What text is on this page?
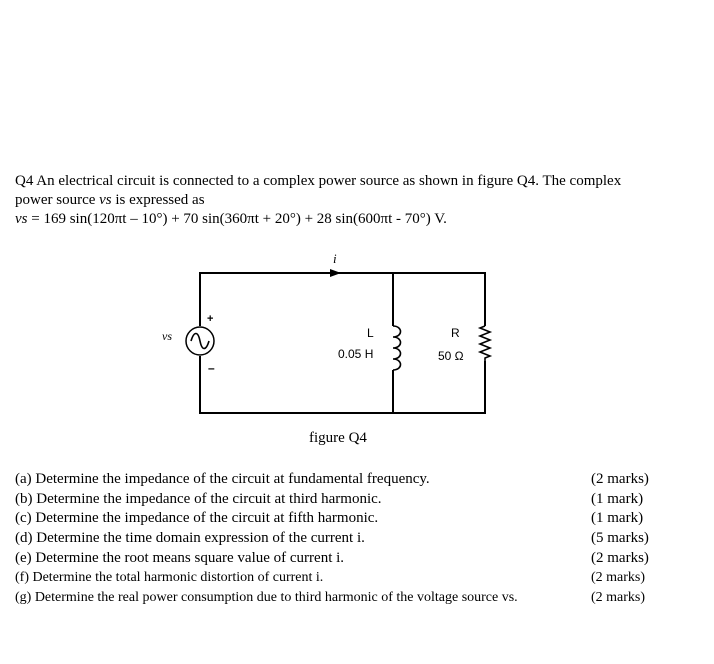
Q4 An electrical circuit is connected to a complex power source as shown in figure Q4. The complex

power source vs is expressed as

vs = 169 sin(120πt – 10°) + 70 sin(360πt + 20°) + 28 sin(600πt - 70°) V.

i
vs
+
–
L
0.05 H
R
50 Ω
figure Q4
(a) Determine the impedance of the circuit at fundamental frequency.	(2 marks)
(b) Determine the impedance of the circuit at third harmonic.	(1 mark)
(c) Determine the impedance of the circuit at fifth harmonic.	(1 mark)
(d) Determine the time domain expression of the current i.	(5 marks)
(e) Determine the root means square value of current i.	(2 marks)
(f) Determine the total harmonic distortion of current i.	(2 marks)
(g) Determine the real power consumption due to third harmonic of the voltage source vs.	(2 marks)
